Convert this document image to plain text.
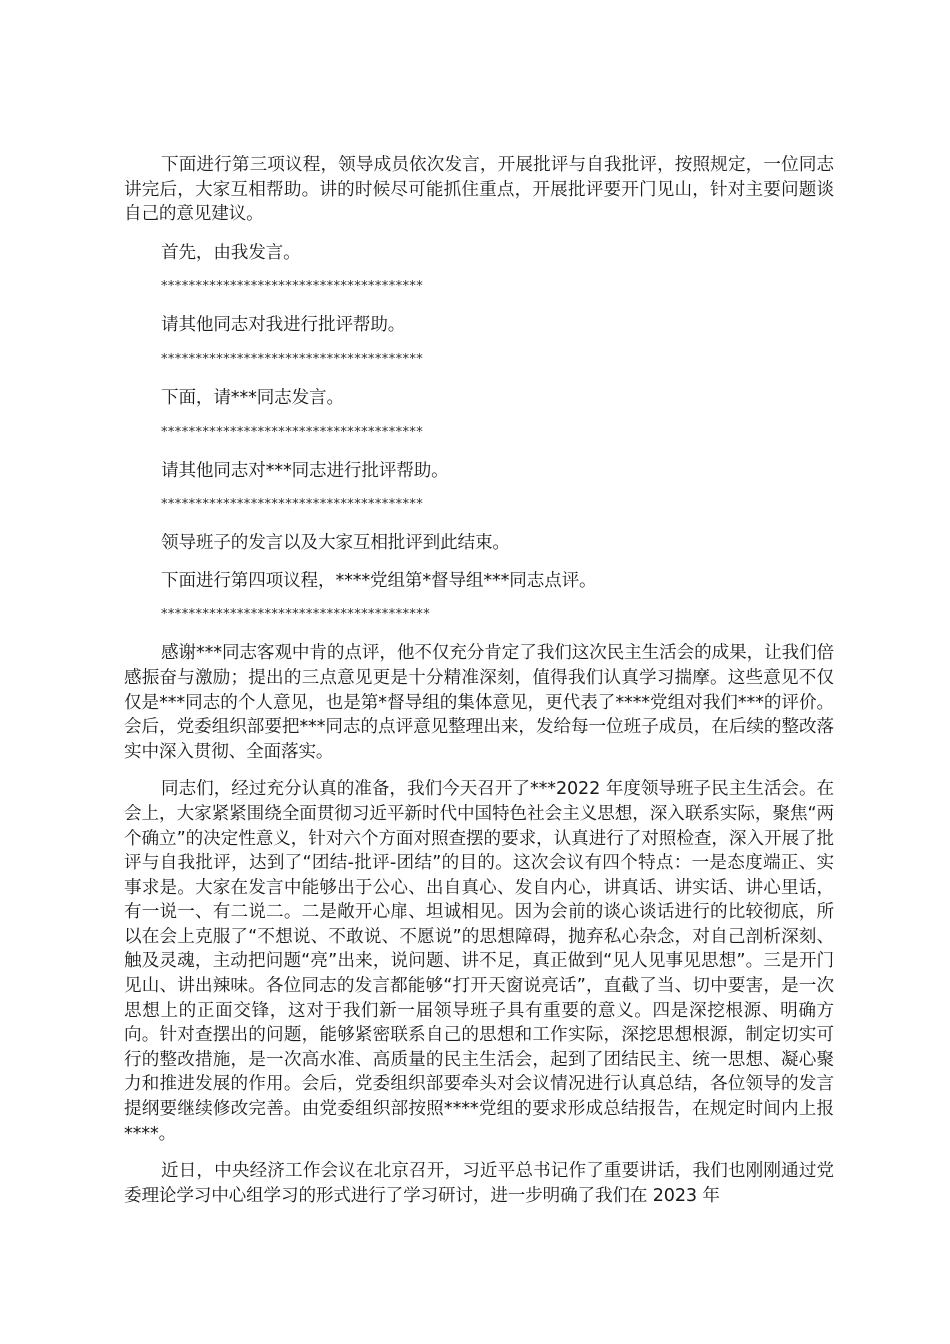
下面进行第三项议程，领导成员依次发言，开展批评与自我批评，按照规定，一位同志讲完后，大家互相帮助。讲的时候尽可能抓住重点，开展批评要开门见山，针对主要问题谈自己的意见建议。

首先，由我发言。

**************************************

请其他同志对我进行批评帮助。

**************************************

下面，请***同志发言。

**************************************

请其他同志对***同志进行批评帮助。

**************************************

领导班子的发言以及大家互相批评到此结束。

下面进行第四项议程，****党组第*督导组***同志点评。

***************************************

感谢***同志客观中肯的点评，他不仅充分肯定了我们这次民主生活会的成果，让我们倍感振奋与激励；提出的三点意见更是十分精准深刻，值得我们认真学习揣摩。这些意见不仅仅是***同志的个人意见，也是第*督导组的集体意见，更代表了****党组对我们***的评价。会后，党委组织部要把***同志的点评意见整理出来，发给每一位班子成员，在后续的整改落实中深入贯彻、全面落实。

同志们，经过充分认真的准备，我们今天召开了***2022 年度领导班子民主生活会。在会上，大家紧紧围绕全面贯彻习近平新时代中国特色社会主义思想，深入联系实际，聚焦“两个确立”的决定性意义，针对六个方面对照查摆的要求，认真进行了对照检查，深入开展了批评与自我批评，达到了“团结-批评-团结”的目的。这次会议有四个特点：一是态度端正、实事求是。大家在发言中能够出于公心、出自真心、发自内心，讲真话、讲实话、讲心里话，有一说一、有二说二。二是敞开心扉、坦诚相见。因为会前的谈心谈话进行的比较彻底，所以在会上克服了“不想说、不敢说、不愿说”的思想障碍，抛弃私心杂念，对自己剖析深刻、触及灵魂，主动把问题“亮”出来，说问题、讲不足，真正做到“见人见事见思想”。三是开门见山、讲出辣味。各位同志的发言都能够“打开天窗说亮话”，直截了当、切中要害，是一次思想上的正面交锋，这对于我们新一届领导班子具有重要的意义。四是深挖根源、明确方向。针对查摆出的问题，能够紧密联系自己的思想和工作实际，深挖思想根源，制定切实可行的整改措施，是一次高水准、高质量的民主生活会，起到了团结民主、统一思想、凝心聚力和推进发展的作用。会后，党委组织部要牵头对会议情况进行认真总结，各位领导的发言提纲要继续修改完善。由党委组织部按照****党组的要求形成总结报告，在规定时间内上报****。

近日，中央经济工作会议在北京召开，习近平总书记作了重要讲话，我们也刚刚通过党委理论学习中心组学习的形式进行了学习研讨，进一步明确了我们在 2023 年
